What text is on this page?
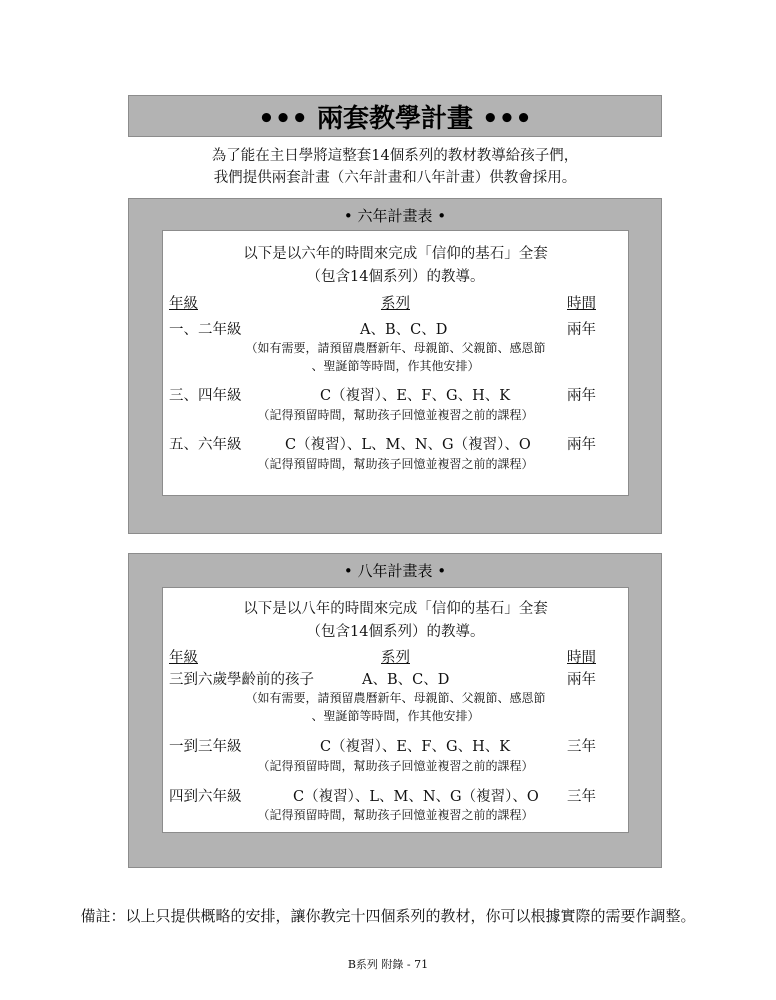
••• 兩套教學計畫 •••
為了能在主日學將這整套14個系列的教材教導給孩子們，
我們提供兩套計畫（六年計畫和八年計畫）供教會採用。
• 六年計畫表 •
以下是以六年的時間來完成「信仰的基石」全套
（包含14個系列）的教導。
年級	系列	時間
一、二年級	A、B、C、D	兩年
（如有需要，請預留農曆新年、母親節、父親節、感恩節
、聖誕節等時間，作其他安排）
三、四年級	C（複習）、E、F、G、H、K	兩年
（記得預留時間，幫助孩子回憶並複習之前的課程）
五、六年級	C（複習）、L、M、N、G（複習）、O	兩年
（記得預留時間，幫助孩子回憶並複習之前的課程）
• 八年計畫表 •
以下是以八年的時間來完成「信仰的基石」全套
（包含14個系列）的教導。
年級	系列	時間
三到六歲學齡前的孩子	A、B、C、D	兩年
（如有需要，請預留農曆新年、母親節、父親節、感恩節
、聖誕節等時間，作其他安排）
一到三年級	C（複習）、E、F、G、H、K	三年
（記得預留時間，幫助孩子回憶並複習之前的課程）
四到六年級	C（複習）、L、M、N、G（複習）、O 三年
（記得預留時間，幫助孩子回憶並複習之前的課程）
備註：以上只提供概略的安排，讓你教完十四個系列的教材，你可以根據實際的需要作調整。
B系列 附錄 - 71
